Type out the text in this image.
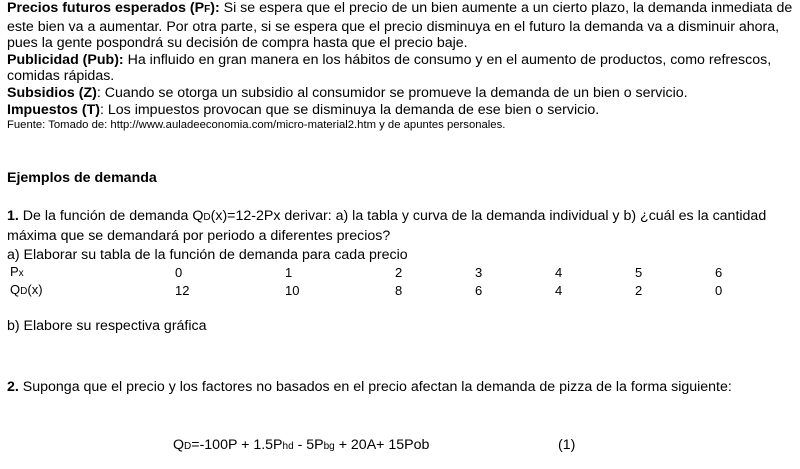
Precios futuros esperados (PF): Si se espera que el precio de un bien aumente a un cierto plazo, la demanda inmediata de este bien va a aumentar. Por otra parte, si se espera que el precio disminuya en el futuro la demanda va a disminuir ahora, pues la gente pospondrá su decisión de compra hasta que el precio baje.

Publicidad (Pub): Ha influido en gran manera en los hábitos de consumo y en el aumento de productos, como refrescos, comidas rápidas.

Subsidios (Z): Cuando se otorga un subsidio al consumidor se promueve la demanda de un bien o servicio.

Impuestos (T): Los impuestos provocan que se disminuya la demanda de ese bien o servicio.

Fuente: Tomado de: http://www.auladeeconomia.com/micro-material2.htm y de apuntes personales.

Ejemplos de demanda
1. De la función de demanda QD(x)=12-2Px derivar: a) la tabla y curva de la demanda individual y b) ¿cuál es la cantidad máxima que se demandará por periodo a diferentes precios?
a) Elaborar su tabla de la función de demanda para cada precio
Px	0	1	2	3	4	5	6
QD(x)	12	10	8	6	4	2	0
b) Elabore su respectiva gráfica
2. Suponga que el precio y los factores no basados en el precio afectan la demanda de pizza de la forma siguiente:
QD=-100P + 1.5Phd - 5Pbg + 20A+ 15Pob	(1)
